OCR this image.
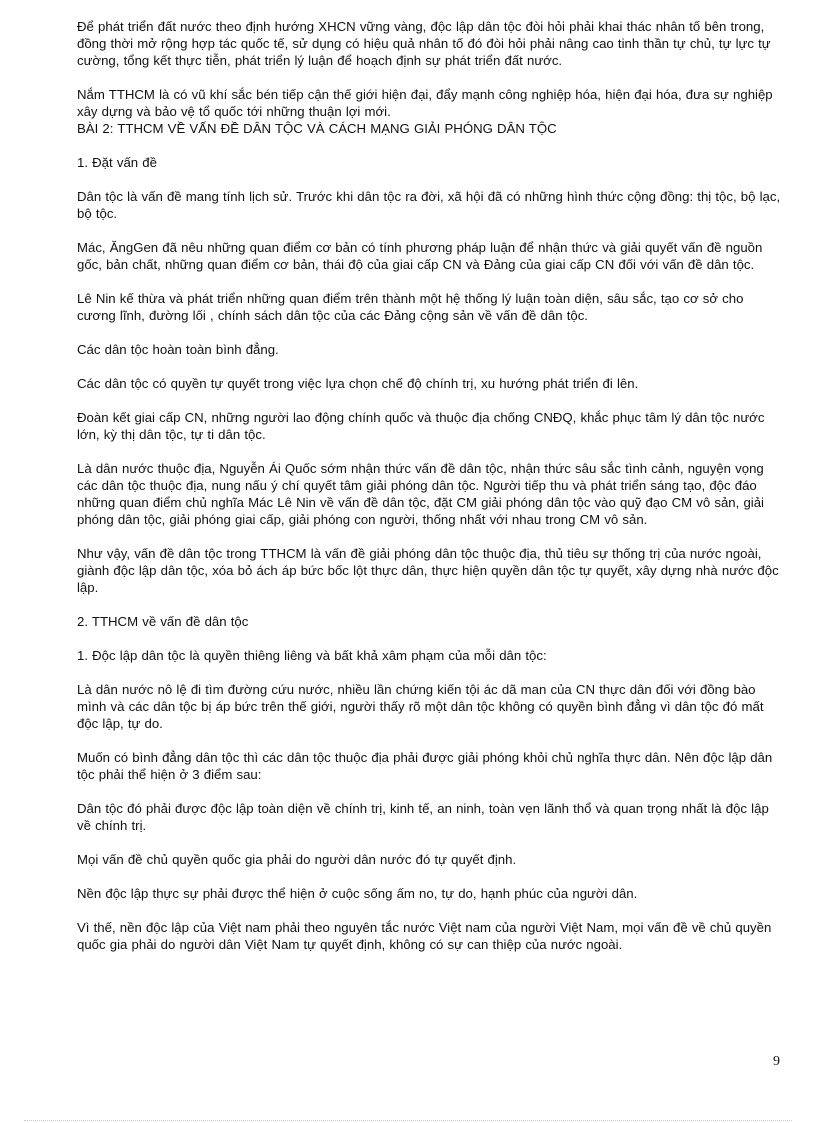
Để phát triển đất nước theo định hướng XHCN vững vàng, độc lập dân tộc đòi hỏi phải khai thác nhân tố bên trong, đồng thời mở rộng hợp tác quốc tế, sử dụng có hiệu quả nhân tố đó đòi hỏi phải nâng cao tinh thần tự chủ, tự lực tự cường, tổng kết thực tiễn, phát triển lý luận để hoạch định sự phát triển đất nước.

Nắm TTHCM là có vũ khí sắc bén tiếp cận thế giới hiện đại, đẩy mạnh công nghiệp hóa, hiện đại hóa, đưa sự nghiệp xây dựng và bảo vệ tổ quốc tới những thuận lợi mới.

BÀI 2: TTHCM VỀ VẤN ĐỀ DÂN TỘC VÀ CÁCH MẠNG GIẢI PHÓNG DÂN TỘC

1. Đặt vấn đề

Dân tộc là vấn đề mang tính lịch sử. Trước khi dân tộc ra đời, xã hội đã có những hình thức cộng đồng: thị tộc, bộ lạc, bộ tộc.

Mác, ĂngGen đã nêu những quan điểm cơ bản có tính phương pháp luận để nhận thức và giải quyết vấn đề nguồn gốc, bản chất, những quan điểm cơ bản, thái độ của giai cấp CN và Đảng của giai cấp CN đối với vấn đề dân tộc.

Lê Nin kế thừa và phát triển những quan điểm trên thành một hệ thống lý luận toàn diện, sâu sắc, tạo cơ sở cho cương lĩnh, đường lối , chính sách dân tộc của các Đảng cộng sản về vấn đề dân tộc.

Các dân tộc hoàn toàn bình đẳng.

Các dân tộc có quyền tự quyết trong việc lựa chọn chế độ chính trị, xu hướng phát triển đi lên.

Đoàn kết giai cấp CN, những người lao động chính quốc và thuộc địa chống CNĐQ, khắc phục tâm lý dân tộc nước lớn, kỳ thị dân tộc, tự ti dân tộc.

Là dân nước thuộc địa, Nguyễn Ái Quốc sớm nhận thức vấn đề dân tộc, nhận thức sâu sắc tình cảnh, nguyện vọng các dân tộc thuộc địa, nung nấu ý chí quyết tâm giải phóng dân tộc. Người tiếp thu và phát triển sáng tạo, độc đáo những quan điểm chủ nghĩa Mác Lê Nin về vấn đề dân tộc, đặt CM giải phóng dân tộc vào quỹ đạo CM vô sản, giải phóng dân tộc, giải phóng giai cấp, giải phóng con người, thống nhất với nhau trong CM vô sản.

Như vậy, vấn đề dân tộc trong TTHCM là vấn đề giải phóng dân tộc thuộc địa, thủ tiêu sự thống trị của nước ngoài, giành độc lập dân tộc, xóa bỏ ách áp bức bốc lột thực dân, thực hiện quyền dân tộc tự quyết, xây dựng nhà nước độc lập.

2. TTHCM về vấn đề dân tộc

1. Độc lập dân tộc là quyền thiêng liêng và bất khả xâm phạm của mỗi dân tộc:

Là dân nước nô lệ đi tìm đường cứu nước, nhiều lần chứng kiến tội ác dã man của CN thực dân đối với đồng bào mình và các dân tộc bị áp bức trên thế giới, người thấy rõ một dân tộc không có quyền bình đẳng vì dân tộc đó mất độc lập, tự do.

Muốn có bình đẳng dân tộc thì các dân tộc thuộc địa phải được giải phóng khỏi chủ nghĩa thực dân. Nên độc lập dân tộc phải thể hiện ở 3 điểm sau:

Dân tộc đó phải được độc lập toàn diện về chính trị, kinh tế, an ninh, toàn vẹn lãnh thổ và quan trọng nhất là độc lập về chính trị.

Mọi vấn đề chủ quyền quốc gia phải do người dân nước đó tự quyết định.

Nền độc lập thực sự phải được thể hiện ở cuộc sống ấm no, tự do, hạnh phúc của người dân.

Vì thế, nền độc lập của Việt nam phải theo nguyên tắc nước Việt nam của người Việt Nam, mọi vấn đề về chủ quyền quốc gia phải do người dân Việt Nam tự quyết định, không có sự can thiệp của nước ngoài.

9
